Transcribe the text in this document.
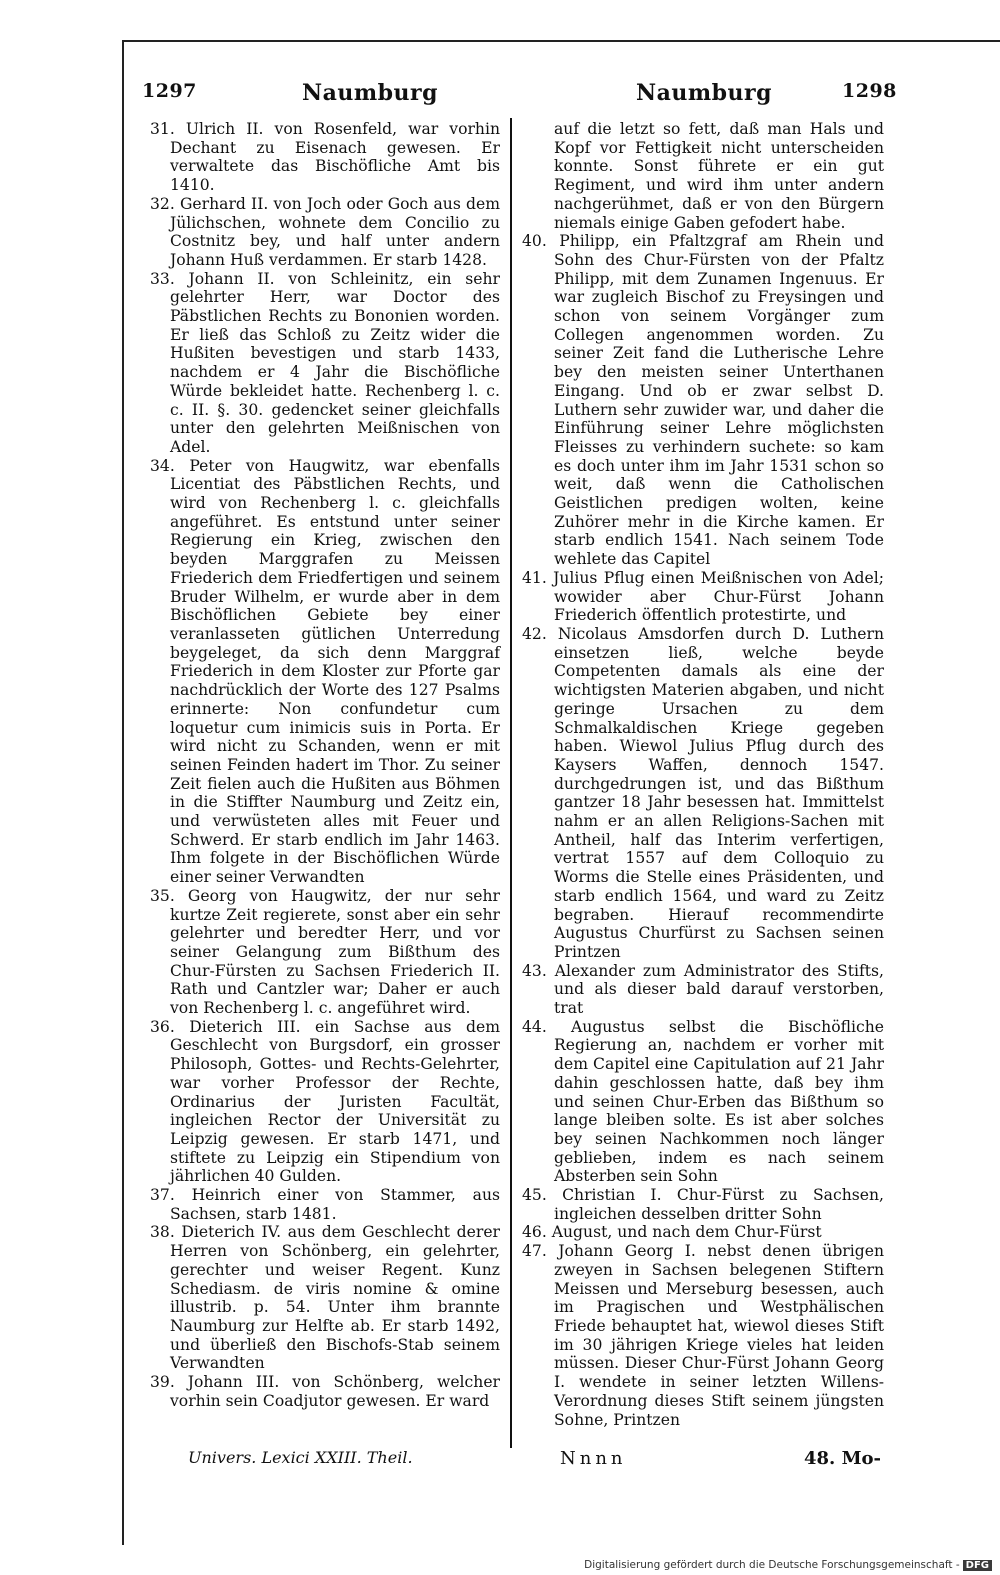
1297	Naumburg	Naumburg	1298

31. Ulrich II. von Rosenfeld, war vorhin Dechant zu Eisenach gewesen. Er verwaltete das Bischöfliche Amt bis 1410.

32. Gerhard II. von Joch oder Goch aus dem Jülichschen, wohnete dem Concilio zu Costnitz bey, und half unter andern Johann Huß verdammen. Er starb 1428.

33. Johann II. von Schleinitz, ein sehr gelehrter Herr, war Doctor des Päbstlichen Rechts zu Bononien worden. Er ließ das Schloß zu Zeitz wider die Hußiten bevestigen und starb 1433, nachdem er 4 Jahr die Bischöfliche Würde bekleidet hatte. Rechenberg l. c. c. II. §. 30. gedencket seiner gleichfalls unter den gelehrten Meißnischen von Adel.

34. Peter von Haugwitz, war ebenfalls Licentiat des Päbstlichen Rechts, und wird von Rechenberg l. c. gleichfalls angeführet. Es entstund unter seiner Regierung ein Krieg, zwischen den beyden Marggrafen zu Meissen Friederich dem Friedfertigen und seinem Bruder Wilhelm, er wurde aber in dem Bischöflichen Gebiete bey einer veranlasseten gütlichen Unterredung beygeleget, da sich denn Marggraf Friederich in dem Kloster zur Pforte gar nachdrücklich der Worte des 127 Psalms erinnerte: Non confundetur cum loquetur cum inimicis suis in Porta. Er wird nicht zu Schanden, wenn er mit seinen Feinden hadert im Thor. Zu seiner Zeit fielen auch die Hußiten aus Böhmen in die Stiffter Naumburg und Zeitz ein, und verwüsteten alles mit Feuer und Schwerd. Er starb endlich im Jahr 1463. Ihm folgete in der Bischöflichen Würde einer seiner Verwandten

35. Georg von Haugwitz, der nur sehr kurtze Zeit regierete, sonst aber ein sehr gelehrter und beredter Herr, und vor seiner Gelangung zum Bißthum des Chur-Fürsten zu Sachsen Friederich II. Rath und Cantzler war; Daher er auch von Rechenberg l. c. angeführet wird.

36. Dieterich III. ein Sachse aus dem Geschlecht von Burgsdorf, ein grosser Philosoph, Gottes- und Rechts-Gelehrter, war vorher Professor der Rechte, Ordinarius der Juristen Facultät, ingleichen Rector der Universität zu Leipzig gewesen. Er starb 1471, und stiftete zu Leipzig ein Stipendium von jährlichen 40 Gulden.

37. Heinrich einer von Stammer, aus Sachsen, starb 1481.

38. Dieterich IV. aus dem Geschlecht derer Herren von Schönberg, ein gelehrter, gerechter und weiser Regent. Kunz Schediasm. de viris nomine & omine illustrib. p. 54. Unter ihm brannte Naumburg zur Helfte ab. Er starb 1492, und überließ den Bischofs-Stab seinem Verwandten

39. Johann III. von Schönberg, welcher vorhin sein Coadjutor gewesen. Er ward

auf die letzt so fett, daß man Hals und Kopf vor Fettigkeit nicht unterscheiden konnte. Sonst führete er ein gut Regiment, und wird ihm unter andern nachgerühmet, daß er von den Bürgern niemals einige Gaben gefodert habe.

40. Philipp, ein Pfaltzgraf am Rhein und Sohn des Chur-Fürsten von der Pfaltz Philipp, mit dem Zunamen Ingenuus. Er war zugleich Bischof zu Freysingen und schon von seinem Vorgänger zum Collegen angenommen worden. Zu seiner Zeit fand die Lutherische Lehre bey den meisten seiner Unterthanen Eingang. Und ob er zwar selbst D. Luthern sehr zuwider war, und daher die Einführung seiner Lehre möglichsten Fleisses zu verhindern suchete: so kam es doch unter ihm im Jahr 1531 schon so weit, daß wenn die Catholischen Geistlichen predigen wolten, keine Zuhörer mehr in die Kirche kamen. Er starb endlich 1541. Nach seinem Tode wehlete das Capitel

41. Julius Pflug einen Meißnischen von Adel; wowider aber Chur-Fürst Johann Friederich öffentlich protestirte, und

42. Nicolaus Amsdorfen durch D. Luthern einsetzen ließ, welche beyde Competenten damals als eine der wichtigsten Materien abgaben, und nicht geringe Ursachen zu dem Schmalkaldischen Kriege gegeben haben. Wiewol Julius Pflug durch des Kaysers Waffen, dennoch 1547. durchgedrungen ist, und das Bißthum gantzer 18 Jahr besessen hat. Immittelst nahm er an allen Religions-Sachen mit Antheil, half das Interim verfertigen, vertrat 1557 auf dem Colloquio zu Worms die Stelle eines Präsidenten, und starb endlich 1564, und ward zu Zeitz begraben. Hierauf recommendirte Augustus Churfürst zu Sachsen seinen Printzen

43. Alexander zum Administrator des Stifts, und als dieser bald darauf verstorben, trat

44. Augustus selbst die Bischöfliche Regierung an, nachdem er vorher mit dem Capitel eine Capitulation auf 21 Jahr dahin geschlossen hatte, daß bey ihm und seinen Chur-Erben das Bißthum so lange bleiben solte. Es ist aber solches bey seinen Nachkommen noch länger geblieben, indem es nach seinem Absterben sein Sohn

45. Christian I. Chur-Fürst zu Sachsen, ingleichen desselben dritter Sohn

46. August, und nach dem Chur-Fürst

47. Johann Georg I. nebst denen übrigen zweyen in Sachsen belegenen Stiftern Meissen und Merseburg besessen, auch im Pragischen und Westphälischen Friede behauptet hat, wiewol dieses Stift im 30 jährigen Kriege vieles hat leiden müssen. Dieser Chur-Fürst Johann Georg I. wendete in seiner letzten Willens-Verordnung dieses Stift seinem jüngsten Sohne, Printzen

Univers. Lexici XXIII. Theil.	Nnnn	48. Mo-
Digitalisierung gefördert durch die Deutsche Forschungsgemeinschaft - DFG
